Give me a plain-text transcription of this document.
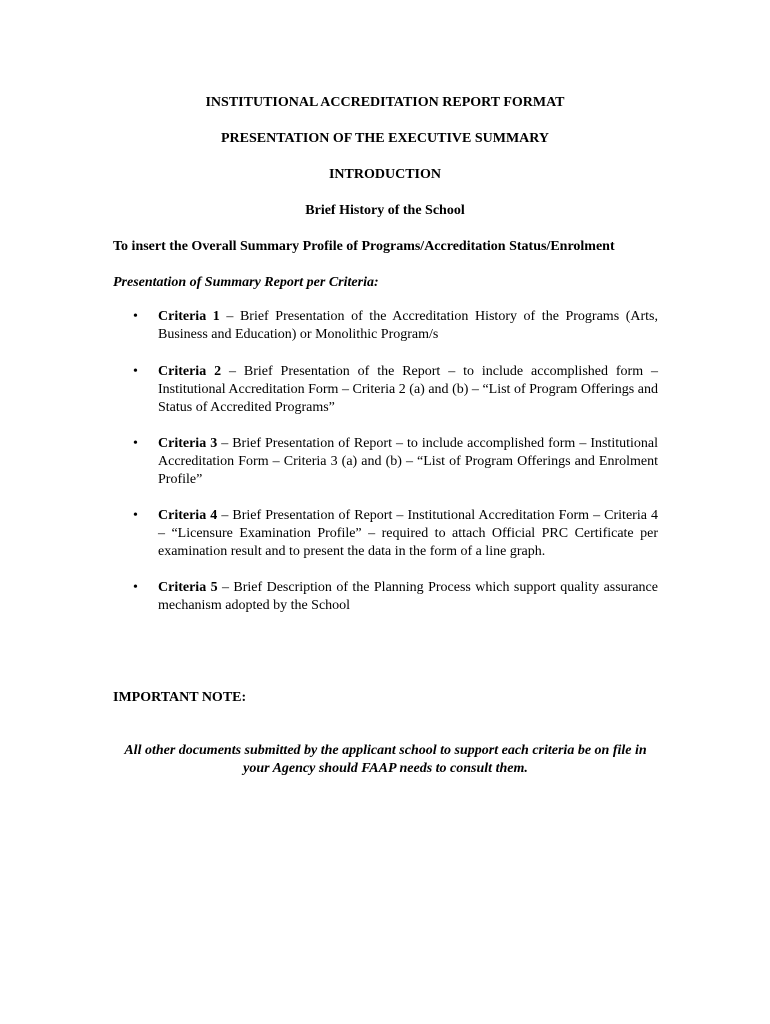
INSTITUTIONAL ACCREDITATION REPORT FORMAT
PRESENTATION OF THE EXECUTIVE SUMMARY
INTRODUCTION
Brief History of the School
To insert the Overall Summary Profile of Programs/Accreditation Status/Enrolment
Presentation of Summary Report per Criteria:
• Criteria 1 – Brief Presentation of the Accreditation History of the Programs (Arts, Business and Education) or Monolithic Program/s
• Criteria 2 – Brief Presentation of the Report – to include accomplished form – Institutional Accreditation Form – Criteria 2 (a) and (b) – “List of Program Offerings and Status of Accredited Programs”
• Criteria 3 – Brief Presentation of Report – to include accomplished form – Institutional Accreditation Form – Criteria 3 (a) and (b) – “List of Program Offerings and Enrolment Profile”
• Criteria 4 – Brief Presentation of Report – Institutional Accreditation Form – Criteria 4 – “Licensure Examination Profile” – required to attach Official PRC Certificate per examination result and to present the data in the form of a line graph.
• Criteria 5 – Brief Description of the Planning Process which support quality assurance mechanism adopted by the School
IMPORTANT NOTE:
All other documents submitted by the applicant school to support each criteria be on file in your Agency should FAAP needs to consult them.
